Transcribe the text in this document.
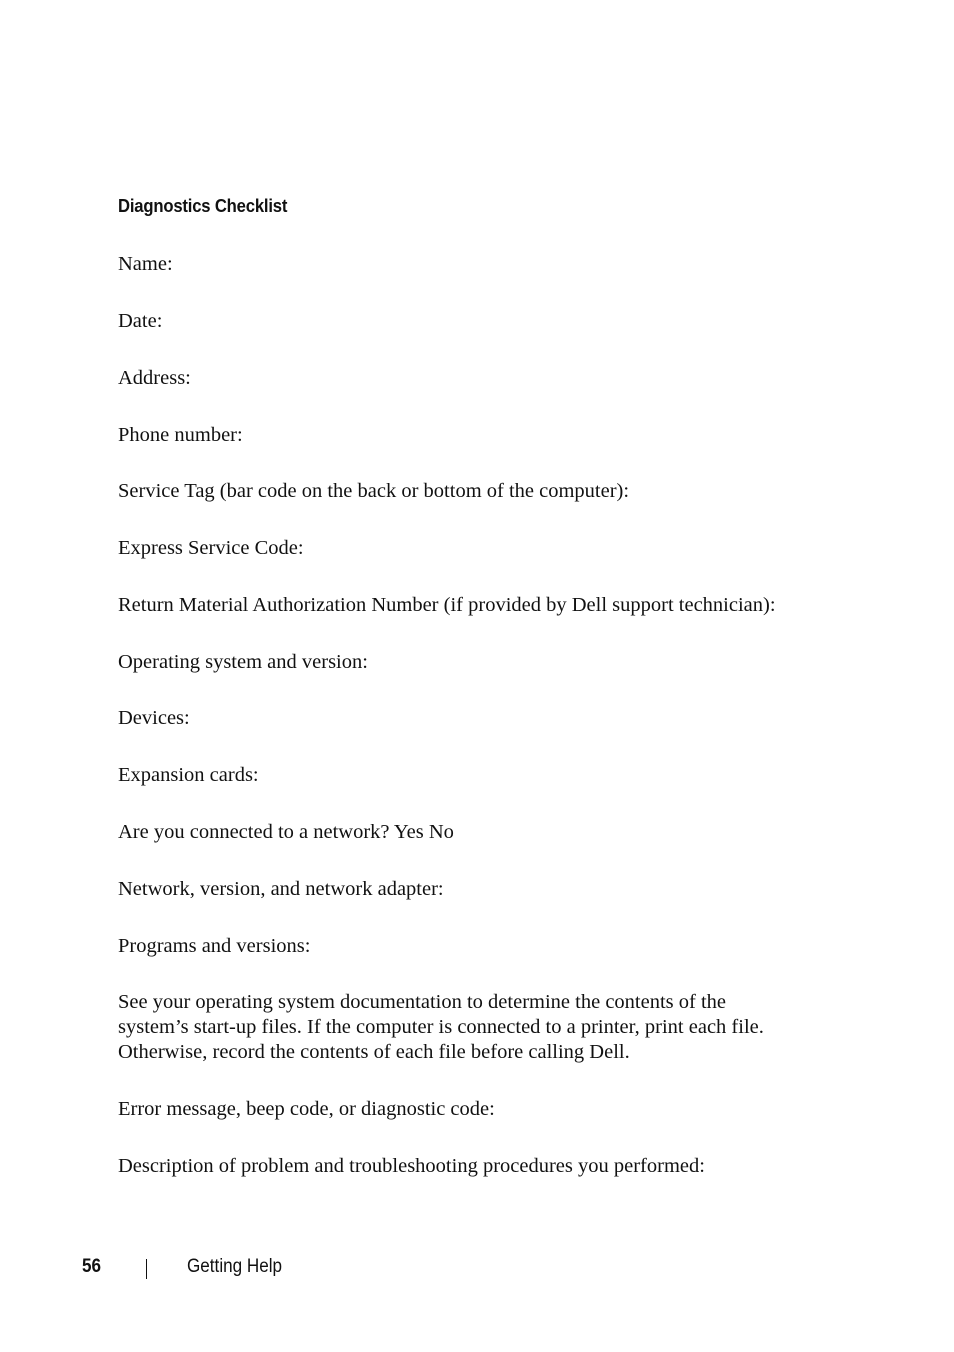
Diagnostics Checklist
Name:
Date:
Address:
Phone number:
Service Tag (bar code on the back or bottom of the computer):
Express Service Code:
Return Material Authorization Number (if provided by Dell support technician):
Operating system and version:
Devices:
Expansion cards:
Are you connected to a network? Yes No
Network, version, and network adapter:
Programs and versions:
See your operating system documentation to determine the contents of the
system’s start-up files. If the computer is connected to a printer, print each file.
Otherwise, record the contents of each file before calling Dell.
Error message, beep code, or diagnostic code:
Description of problem and troubleshooting procedures you performed:
56	Getting Help
